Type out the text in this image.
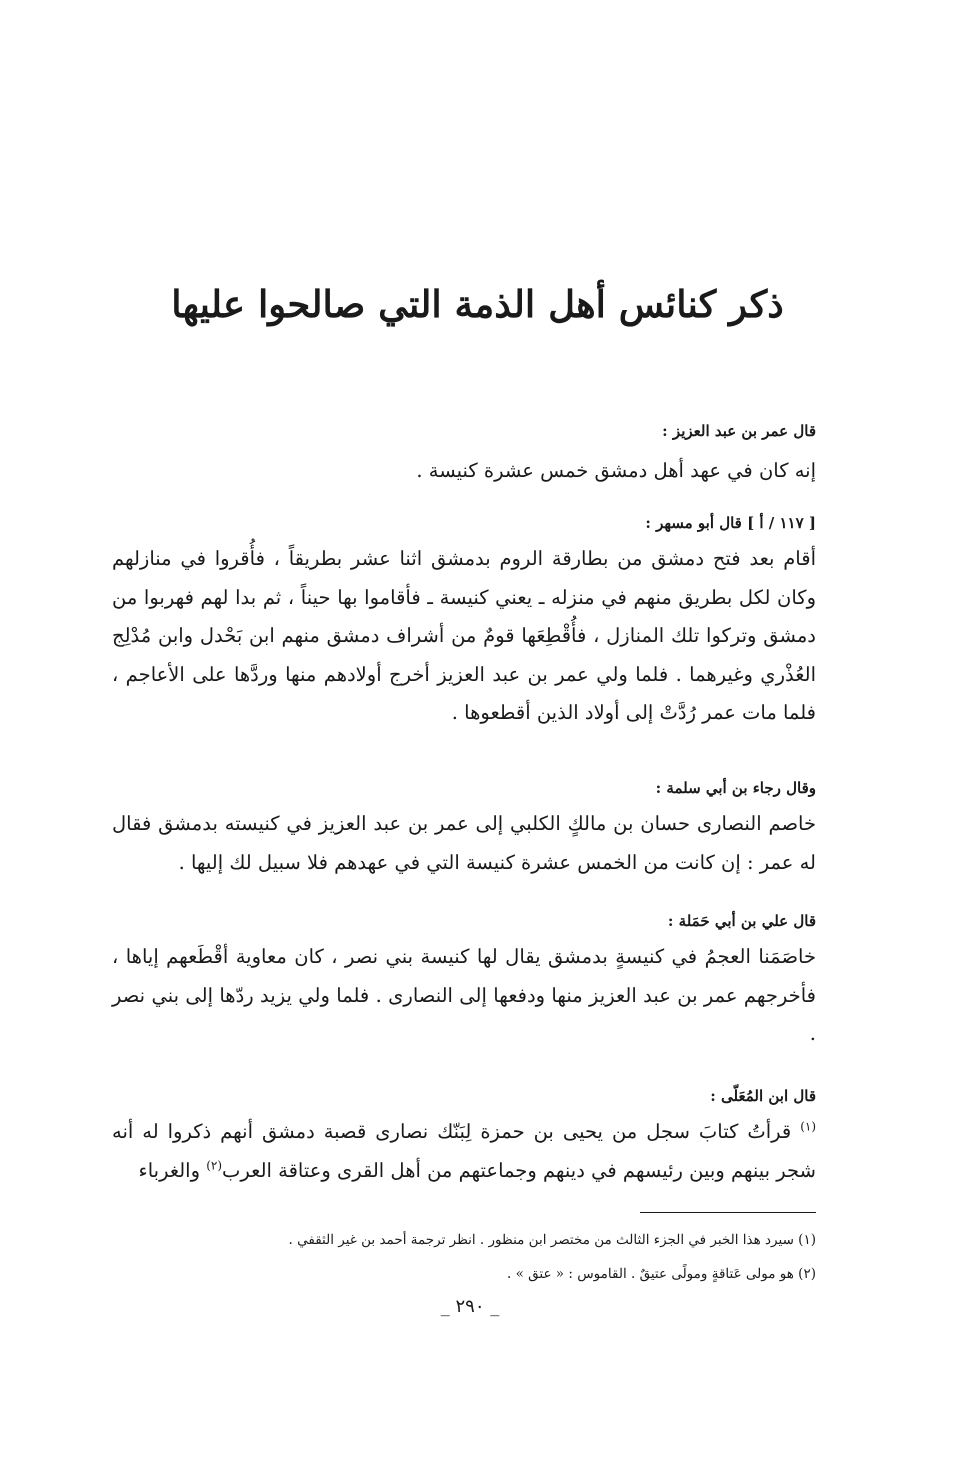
ذكر كنائس أهل الذمة التي صالحوا عليها

قال عمر بن عبد العزيز :

إنه كان في عهد أهل دمشق خمس عشرة كنيسة .

[ ١١٧ / أ ] قال أبو مسهر :

أقام بعد فتح دمشق من بطارقة الروم بدمشق اثنا عشر بطريقاً ، فأُقروا في منازلهم وكان لكل بطريق منهم في منزله ـ يعني كنيسة ـ فأقاموا بها حيناً ، ثم بدا لهم فهربوا من دمشق وتركوا تلك المنازل ، فأُقْطِعَها قومٌ من أشراف دمشق منهم ابن بَحْدل وابن مُدْلِج العُذْري وغيرهما . فلما ولي عمر بن عبد العزيز أخرج أولادهم منها وردَّها على الأعاجم ، فلما مات عمر رُدَّتْ إلى أولاد الذين أقطعوها .

وقال رجاء بن أبي سلمة :

خاصم النصارى حسان بن مالكٍ الكلبي إلى عمر بن عبد العزيز في كنيسته بدمشق فقال له عمر : إن كانت من الخمس عشرة كنيسة التي في عهدهم فلا سبيل لك إليها .

قال علي بن أبي حَمَلة :

خاصَمَنا العجمُ في كنيسةٍ بدمشق يقال لها كنيسة بني نصر ، كان معاوية أقْطَعهم إياها ، فأخرجهم عمر بن عبد العزيز منها ودفعها إلى النصارى . فلما ولي يزيد ردّها إلى بني نصر .

قال ابن المُعَلّى :

$^{(١)}$ قرأتُ كتابَ سجل من يحيى بن حمزة لِبَنّك نصارى قصبة دمشق أنهم ذكروا له أنه شجر بينهم وبين رئيسهم في دينهم وجماعتهم من أهل القرى وعتاقة العرب$^{(٢)}$ والغرباء

(١) سيرد هذا الخبر في الجزء الثالث من مختصر ابن منظور . انظر ترجمة أحمد بن غير الثقفي .

(٢) هو مولى عَتاقةٍ ومولًى عتيقٌ . القاموس : « عتق » .

_ ٢٩٠ _
